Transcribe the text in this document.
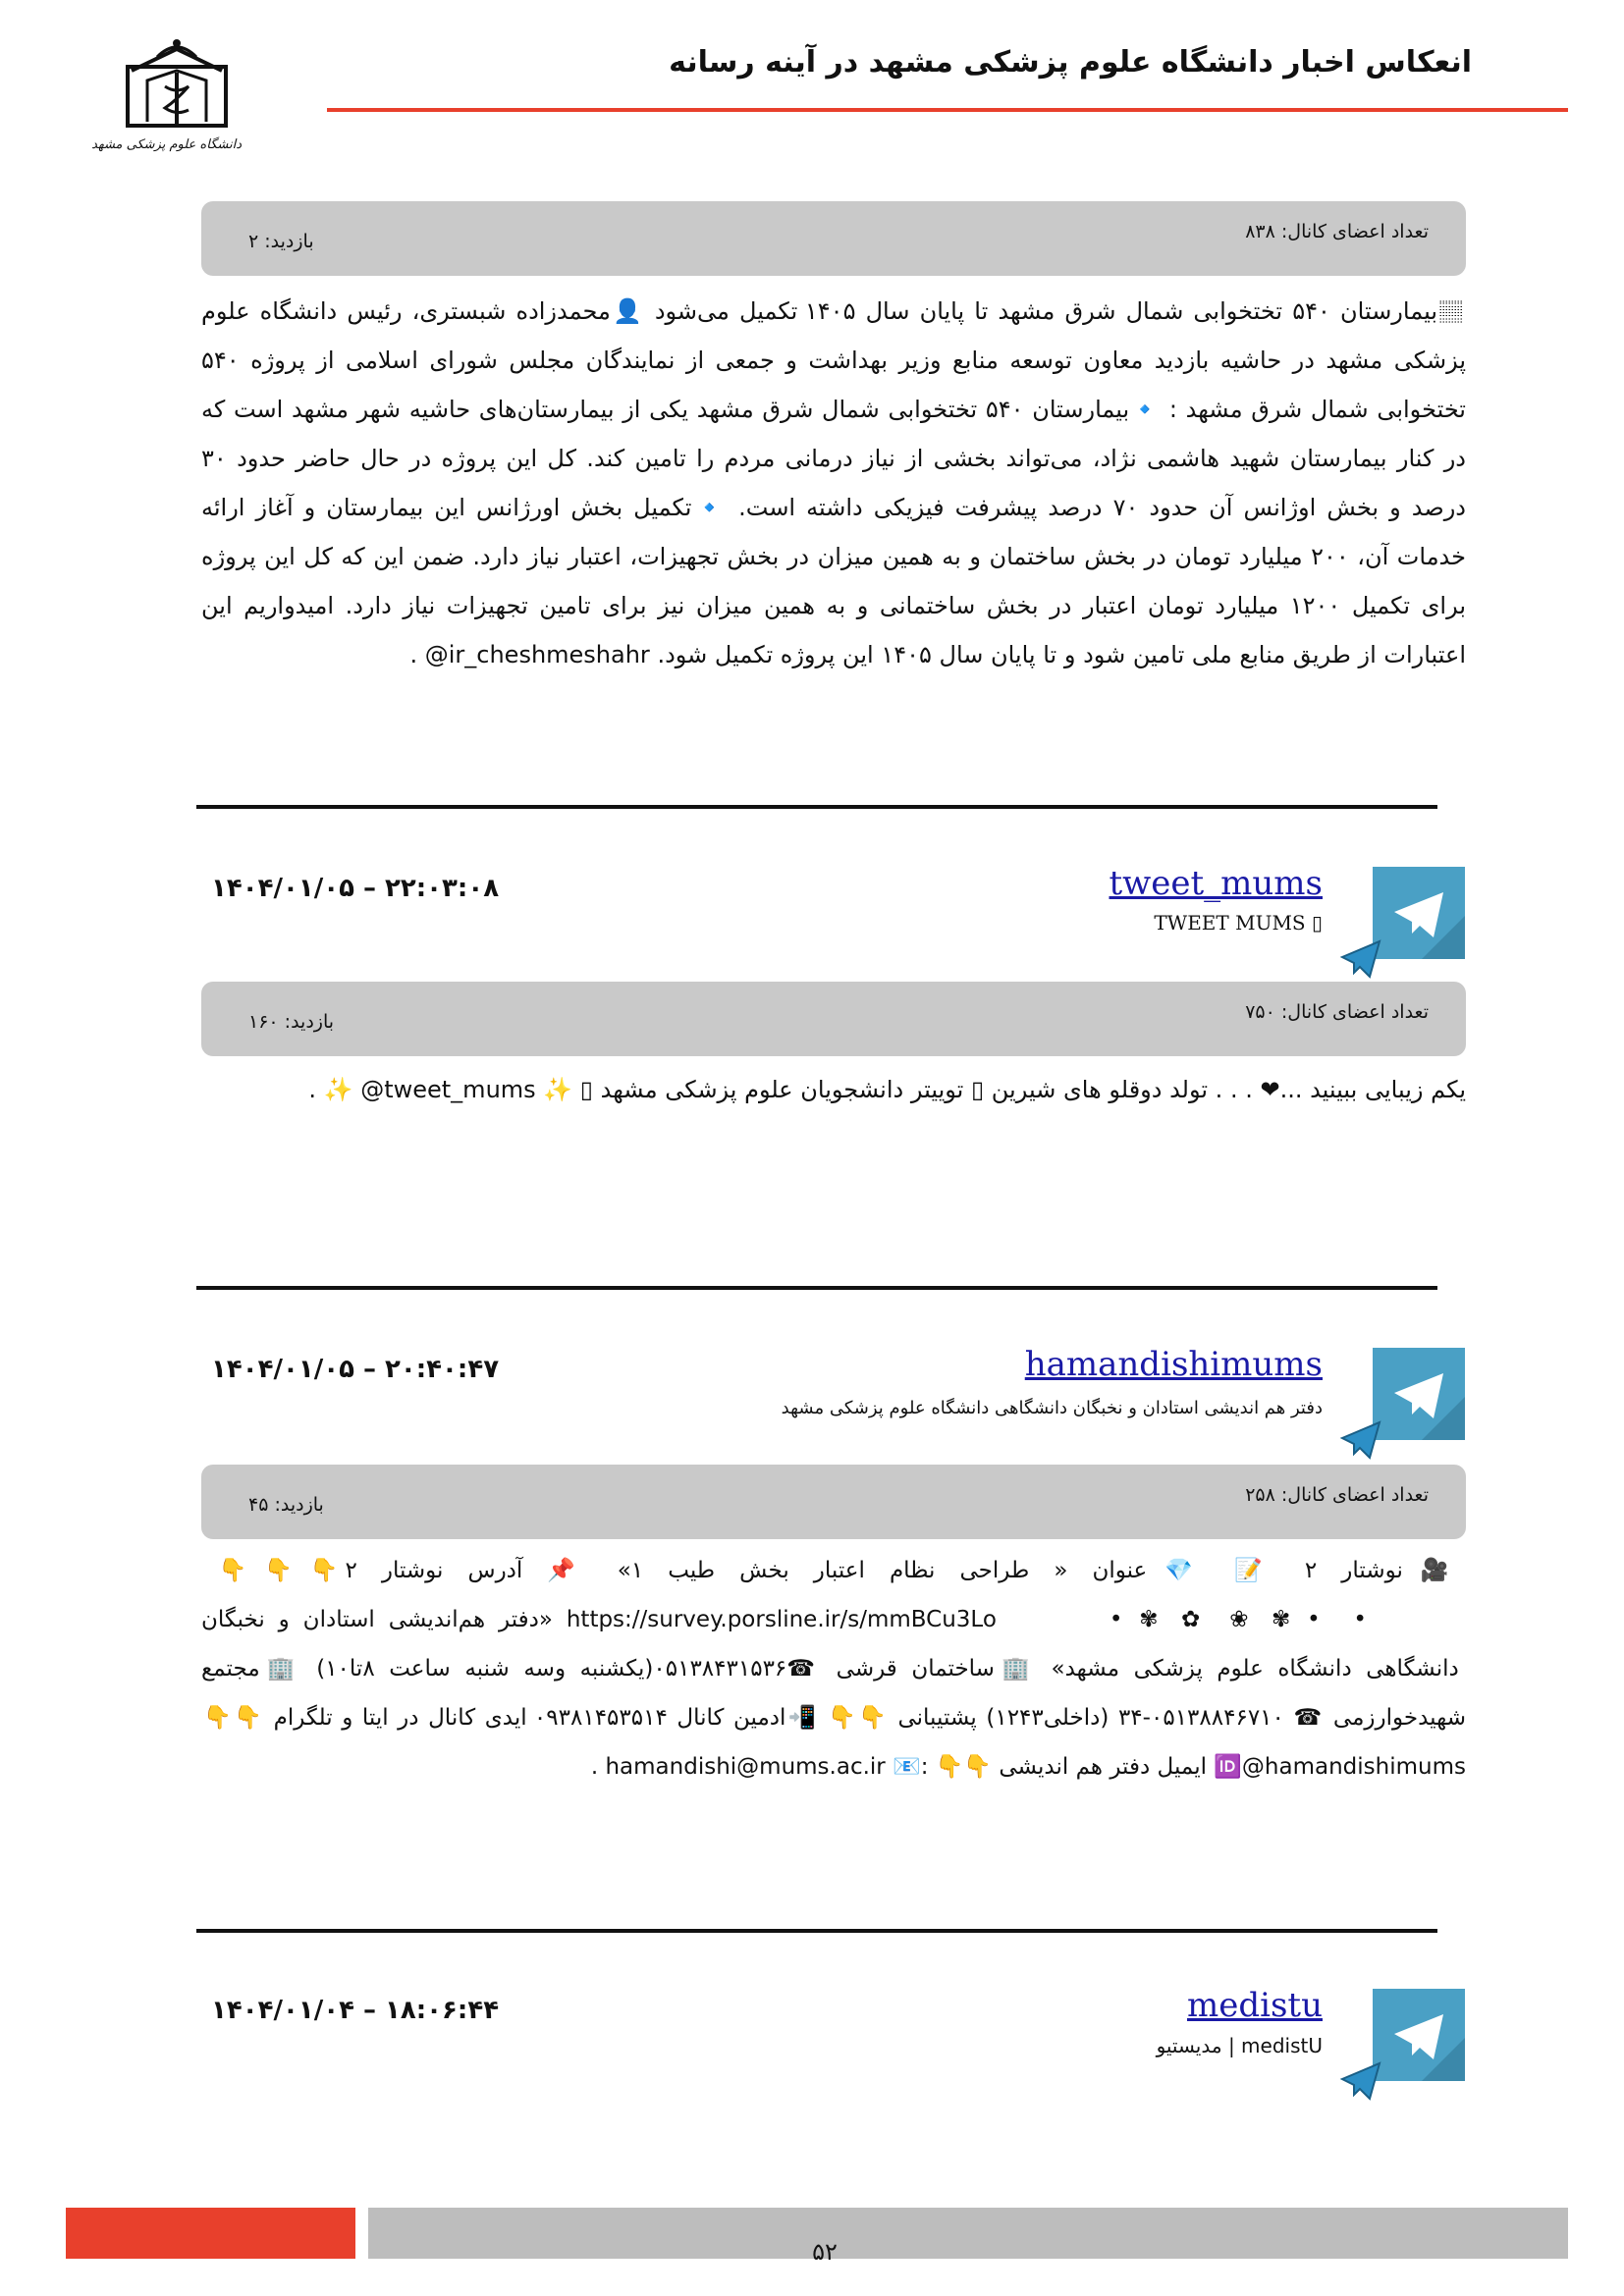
انعکاس اخبار دانشگاه علوم پزشکی مشهد در آینه رسانه
دانشگاه علوم پزشکی مشهد
تعداد اعضای کانال: ۸۳۸
بازدید: ۲
🏽بیمارستان ۵۴۰ تختخوابی شمال شرق مشهد تا پایان سال ۱۴۰۵ تکمیل می‌شود 👤محمدزاده شبستری، رئیس دانشگاه علوم پزشکی مشهد در حاشیه بازدید معاون توسعه منابع وزیر بهداشت و جمعی از نمایندگان مجلس شورای اسلامی از پروژه ۵۴۰ تختخوابی شمال شرق مشهد : 🔹بیمارستان ۵۴۰ تختخوابی شمال شرق مشهد یکی از بیمارستان‌های حاشیه شهر مشهد است که در کنار بیمارستان شهید هاشمی نژاد، می‌تواند بخشی از نیاز درمانی مردم را تامین کند. کل این پروژه در حال حاضر حدود ۳۰ درصد و بخش اوژانس آن حدود ۷۰ درصد پیشرفت فیزیکی داشته است. 🔹تکمیل بخش اورژانس این بیمارستان و آغاز ارائه خدمات آن، ۲۰۰ میلیارد تومان در بخش ساختمان و به همین میزان در بخش تجهیزات، اعتبار نیاز دارد. ضمن این که کل این پروژه برای تکمیل ۱۲۰۰ میلیارد تومان اعتبار در بخش ساختمانی و به همین میزان نیز برای تامین تجهیزات نیاز دارد. امیدواریم این اعتبارات از طریق منابع ملی تامین شود و تا پایان سال ۱۴۰۵ این پروژه تکمیل شود. ir_cheshmeshahr@ .
tweet_mums
▯ TWEET MUMS
۱۴۰۴/۰۱/۰۵ – ۲۲:۰۳:۰۸
تعداد اعضای کانال: ۷۵۰
بازدید: ۱۶۰
یکم زیبایی ببینید ...❤ . . . تولد دوقلو های شیرین ▯ توییتر دانشجویان علوم پزشکی مشهد ▯ ✨ tweet_mums@ ✨ .
hamandishimums
دفتر هم اندیشی استادان و نخبگان دانشگاهی دانشگاه علوم پزشکی مشهد
۱۴۰۴/۰۱/۰۵ – ۲۰:۴۰:۴۷
تعداد اعضای کانال: ۲۵۸
بازدید: ۴۵
🎥نوشتار ۲ 📝 💎عنوان « طراحی نظام اعتبار بخش طیب ۱» 📌 آدرس نوشتار ۲ 👇👇👇 https://survey.porsline.ir/s/mmBCu3Lo ⠀⠀⠀⠀⠀⠀•⠀✾⠀✿⠀❀⠀✾⠀•⠀⠀•⠀⠀⠀⠀⠀⠀ «دفتر هم‌اندیشی استادان و نخبگان دانشگاهی دانشگاه علوم پزشکی مشهد» 🏢ساختمان قرشی ☎۰۵۱۳۸۴۳۱۵۳۶(یکشنبه وسه شنبه ساعت ۸تا۱۰) 🏢مجتمع شهیدخوارزمی ☎ ۰۵۱۳۸۸۴۶۷۱۰-۳۴ (داخلی۱۲۴۳) پشتیبانی 👇👇 📲ادمین کانال ۰۹۳۸۱۴۵۳۵۱۴ ایدی کانال در ایتا و تلگرام 👇👇 🆔@hamandishimums ایمیل دفتر هم اندیشی 👇👇 :📧 hamandishi@mums.ac.ir .
medistu
medistU | مدیستیو
۱۴۰۴/۰۱/۰۴ – ۱۸:۰۶:۴۴
۵۲
